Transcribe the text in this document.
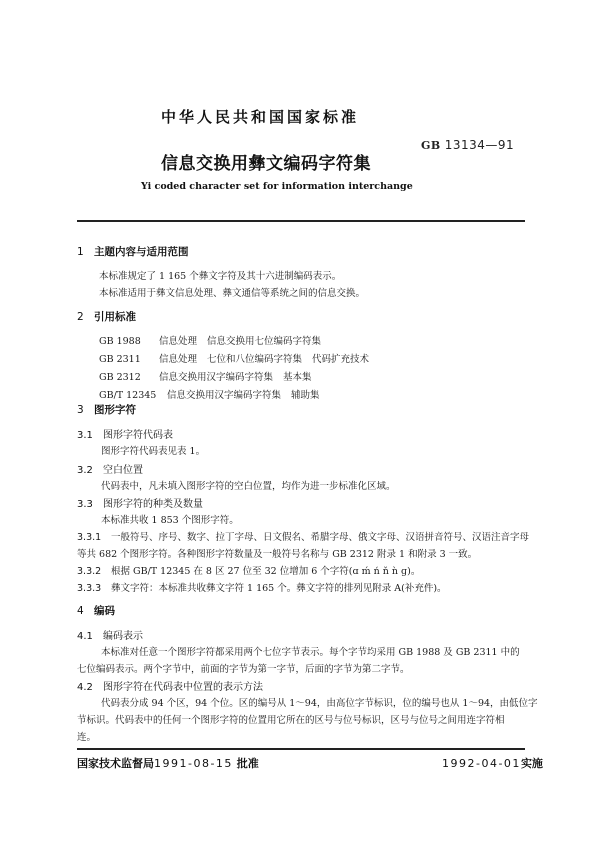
中华人民共和国国家标准
GB 13134—91
信息交换用彝文编码字符集
Yi coded character set for information interchange
1 主题内容与适用范围
本标准规定了 1 165 个彝文字符及其十六进制编码表示。
本标准适用于彝文信息处理、彝文通信等系统之间的信息交换。
2 引用标准
GB 1988 信息处理 信息交换用七位编码字符集
GB 2311 信息处理 七位和八位编码字符集 代码扩充技术
GB 2312 信息交换用汉字编码字符集 基本集
GB/T 12345 信息交换用汉字编码字符集 辅助集
3 图形字符
3.1 图形字符代码表
图形字符代码表见表 1。
3.2 空白位置
代码表中，凡未填入图形字符的空白位置，均作为进一步标准化区域。
3.3 图形字符的种类及数量
本标准共收 1 853 个图形字符。
3.3.1 一般符号、序号、数字、拉丁字母、日文假名、希腊字母、俄文字母、汉语拼音符号、汉语注音字母
等共 682 个图形字符。各种图形字符数量及一般符号名称与 GB 2312 附录 1 和附录 3 一致。
3.3.2 根据 GB/T 12345 在 8 区 27 位至 32 位增加 6 个字符(ɑ ḿ ń ň ǹ ɡ)。
3.3.3 彝文字符：本标准共收彝文字符 1 165 个。彝文字符的排列见附录 A(补充件)。
4 编码
4.1 编码表示
本标准对任意一个图形字符都采用两个七位字节表示。每个字节均采用 GB 1988 及 GB 2311 中的
七位编码表示。两个字节中，前面的字节为第一字节，后面的字节为第二字节。
4.2 图形字符在代码表中位置的表示方法
代码表分成 94 个区，94 个位。区的编号从 1～94，由高位字节标识，位的编号也从 1～94，由低位字
节标识。代码表中的任何一个图形字符的位置用它所在的区号与位号标识，区号与位号之间用连字符相
连。
国家技术监督局1991-08-15 批准	1992-04-01实施
